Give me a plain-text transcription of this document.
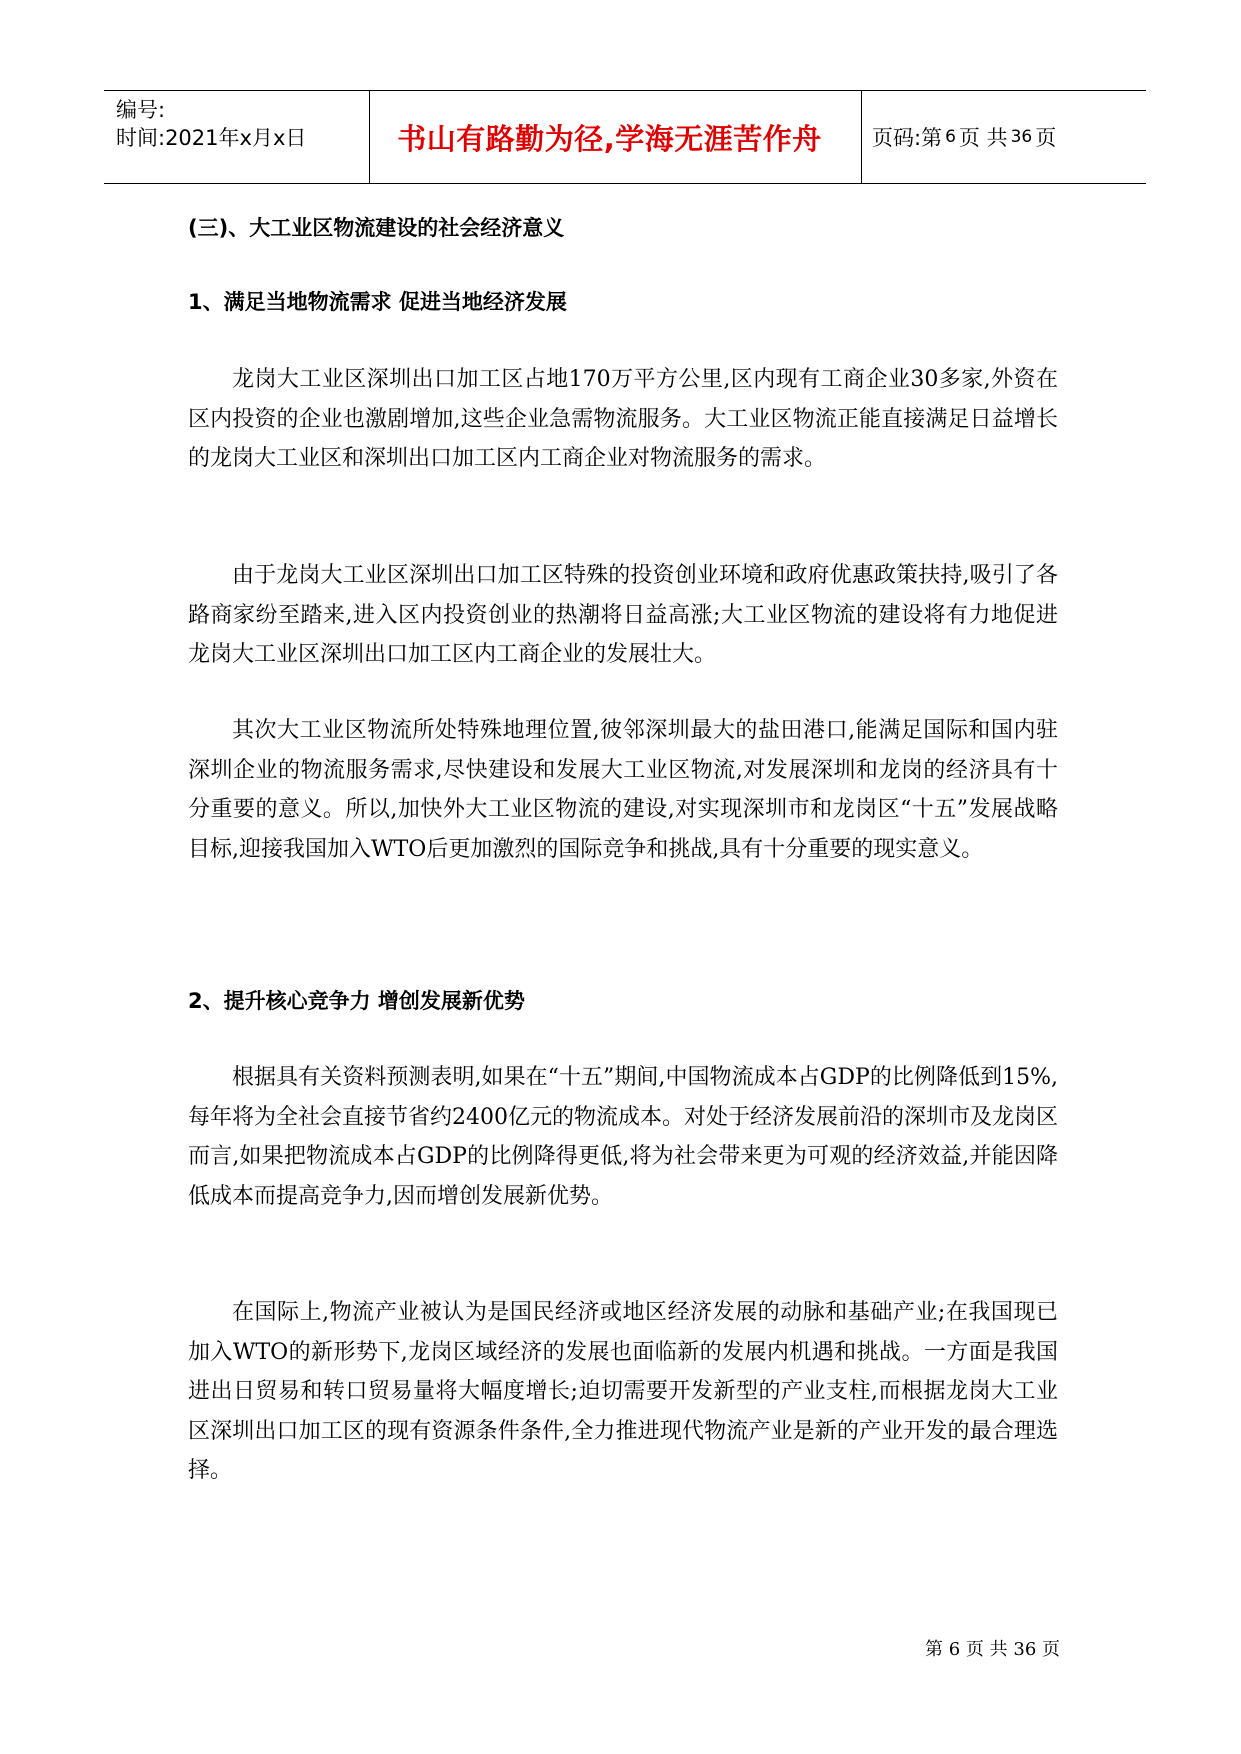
编号:
时间:2021年x月x日	书山有路勤为径,学海无涯苦作舟	页码:第 6 页 共 36 页
(三)、大工业区物流建设的社会经济意义
1、满足当地物流需求 促进当地经济发展

龙岗大工业区深圳出口加工区占地170万平方公里,区内现有工商企业30多家,外资在区内投资的企业也激剧增加,这些企业急需物流服务。大工业区物流正能直接满足日益增长的龙岗大工业区和深圳出口加工区内工商企业对物流服务的需求。

由于龙岗大工业区深圳出口加工区特殊的投资创业环境和政府优惠政策扶持,吸引了各路商家纷至踏来,进入区内投资创业的热潮将日益高涨;大工业区物流的建设将有力地促进龙岗大工业区深圳出口加工区内工商企业的发展壮大。

其次大工业区物流所处特殊地理位置,彼邻深圳最大的盐田港口,能满足国际和国内驻深圳企业的物流服务需求,尽快建设和发展大工业区物流,对发展深圳和龙岗的经济具有十分重要的意义。所以,加快外大工业区物流的建设,对实现深圳市和龙岗区“十五”发展战略目标,迎接我国加入WTO后更加激烈的国际竞争和挑战,具有十分重要的现实意义。

2、提升核心竞争力 增创发展新优势

根据具有关资料预测表明,如果在“十五”期间,中国物流成本占GDP的比例降低到15%,每年将为全社会直接节省约2400亿元的物流成本。对处于经济发展前沿的深圳市及龙岗区而言,如果把物流成本占GDP的比例降得更低,将为社会带来更为可观的经济效益,并能因降低成本而提高竞争力,因而增创发展新优势。

在国际上,物流产业被认为是国民经济或地区经济发展的动脉和基础产业;在我国现已加入WTO的新形势下,龙岗区域经济的发展也面临新的发展内机遇和挑战。一方面是我国进出日贸易和转口贸易量将大幅度增长;迫切需要开发新型的产业支柱,而根据龙岗大工业区深圳出口加工区的现有资源条件条件,全力推进现代物流产业是新的产业开发的最合理选择。

第 6 页 共 36 页
